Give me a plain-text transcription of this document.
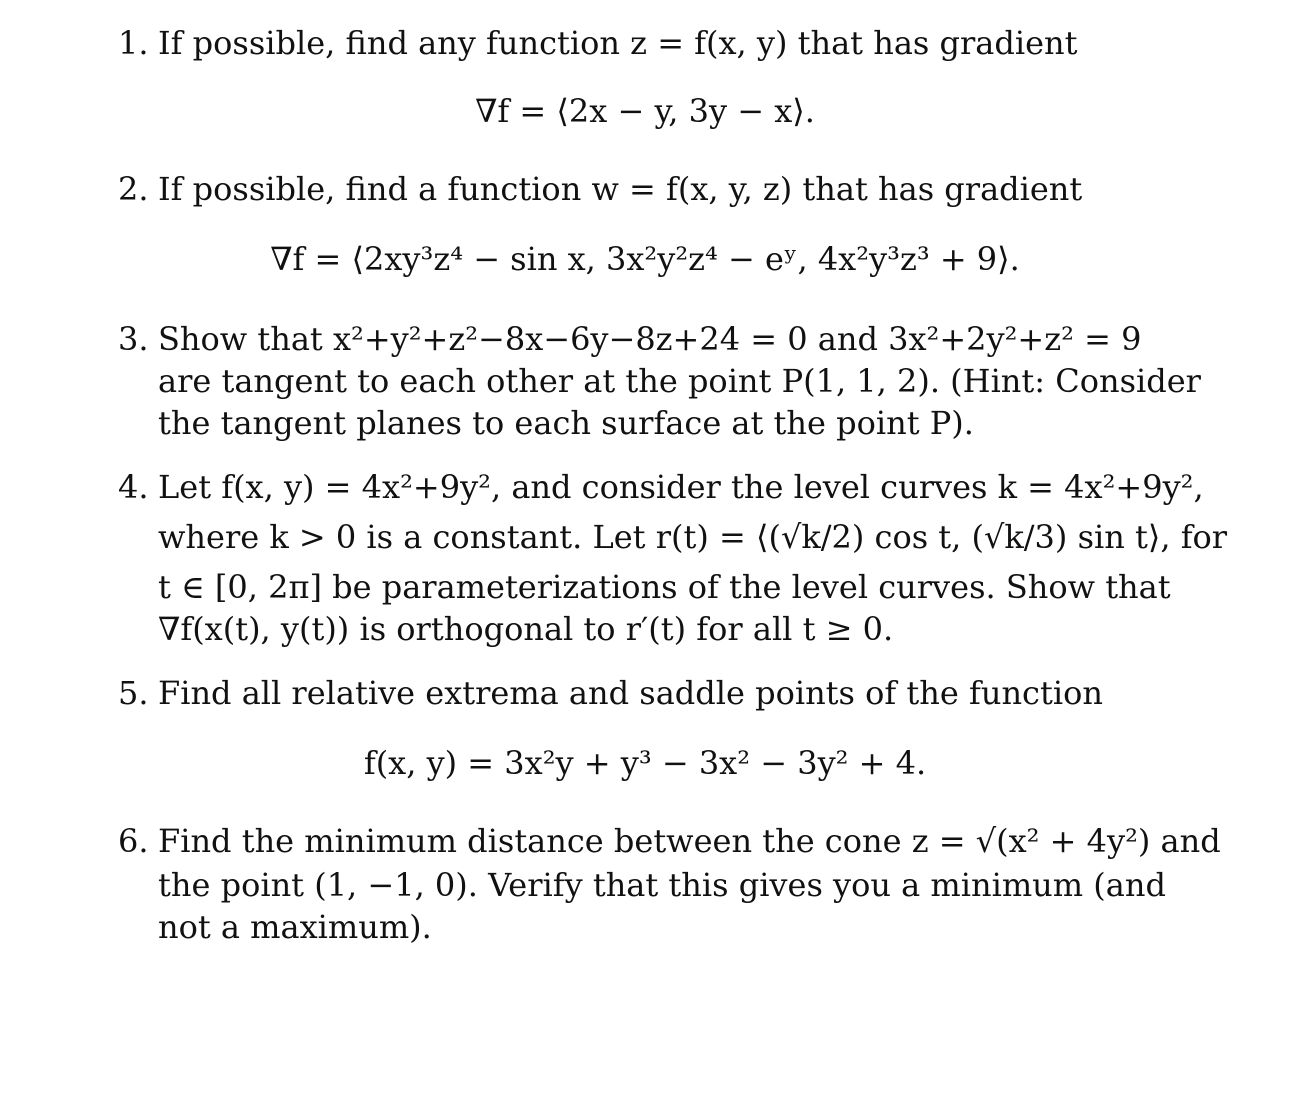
1. If possible, find any function z = f(x, y) that has gradient
∇f = ⟨2x − y, 3y − x⟩.
2. If possible, find a function w = f(x, y, z) that has gradient
∇f = ⟨2xy³z⁴ − sin x, 3x²y²z⁴ − eʸ, 4x²y³z³ + 9⟩.
3. Show that x²+y²+z²−8x−6y−8z+24 = 0 and 3x²+2y²+z² = 9
are tangent to each other at the point P(1, 1, 2). (Hint: Consider
the tangent planes to each surface at the point P).
4. Let f(x, y) = 4x²+9y², and consider the level curves k = 4x²+9y²,
where k > 0 is a constant. Let r(t) = ⟨(√k/2) cos t, (√k/3) sin t⟩, for
t ∈ [0, 2π] be parameterizations of the level curves. Show that
∇f(x(t), y(t)) is orthogonal to r′(t) for all t ≥ 0.
5. Find all relative extrema and saddle points of the function
f(x, y) = 3x²y + y³ − 3x² − 3y² + 4.
6. Find the minimum distance between the cone z = √(x² + 4y²) and
the point (1, −1, 0). Verify that this gives you a minimum (and
not a maximum).
